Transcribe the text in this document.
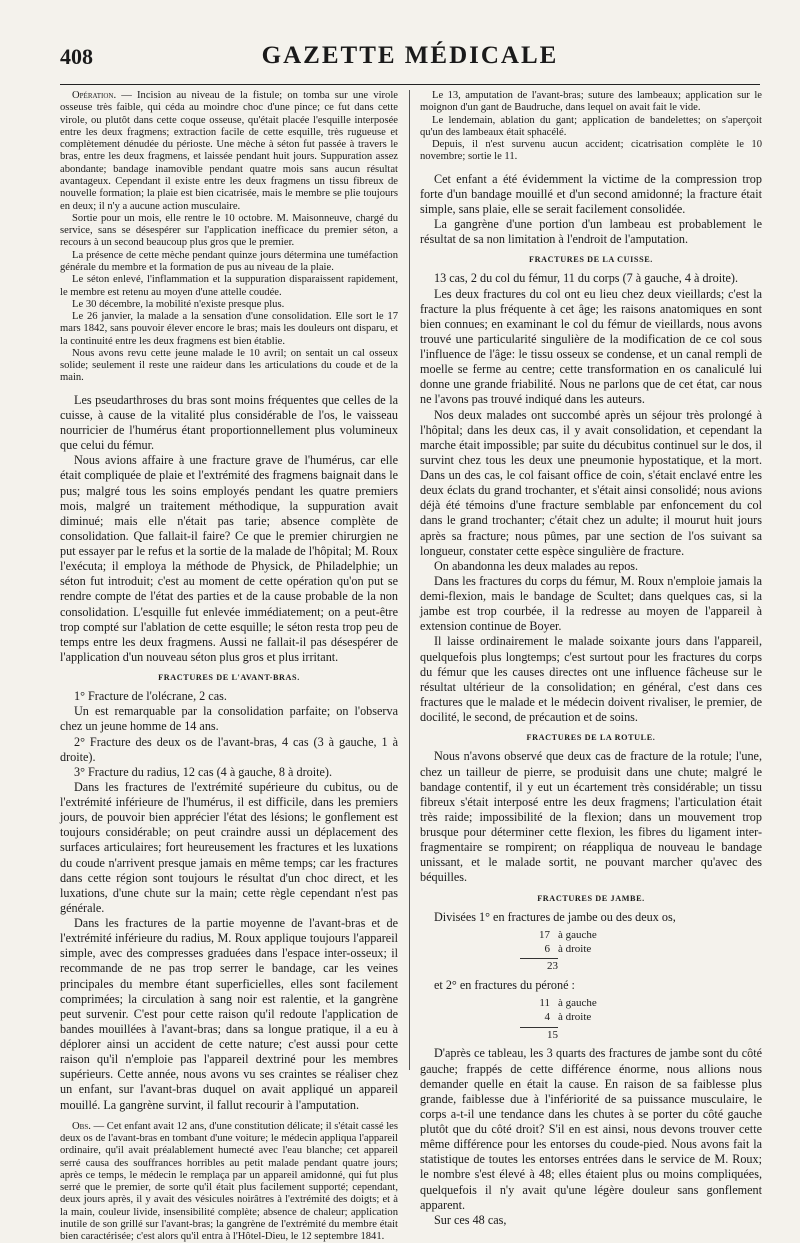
GAZETTE MÉDICALE
408

Opération. — Incision au niveau de la fistule; on tomba sur une virole osseuse très faible, qui céda au moindre choc d'une pince; ce fut dans cette virole, ou plutôt dans cette coque osseuse, qu'était placée l'esquille interposée entre les deux fragmens; extraction facile de cette esquille, très rugueuse et complètement dénudée du périoste. Une mèche à séton fut passée à travers le bras, entre les deux fragmens, et laissée pendant huit jours. Suppuration assez abondante; bandage inamovible pendant quatre mois sans aucun résultat avantageux. Cependant il existe entre les deux fragmens un tissu fibreux de nouvelle formation; la plaie est bien cicatrisée, mais le membre se plie toujours en deux; il n'y a aucune action musculaire.

Sortie pour un mois, elle rentre le 10 octobre. M. Maisonneuve, chargé du service, sans se désespérer sur l'application inefficace du premier séton, a recours à un second beaucoup plus gros que le premier.

La présence de cette mèche pendant quinze jours détermina une tuméfaction générale du membre et la formation de pus au niveau de la plaie.

Le séton enlevé, l'inflammation et la suppuration disparaissent rapidement, le membre est retenu au moyen d'une attelle coudée.

Le 30 décembre, la mobilité n'existe presque plus.

Le 26 janvier, la malade a la sensation d'une consolidation. Elle sort le 17 mars 1842, sans pouvoir élever encore le bras; mais les douleurs ont disparu, et la continuité entre les deux fragmens est bien établie.

Nous avons revu cette jeune malade le 10 avril; on sentait un cal osseux solide; seulement il reste une raideur dans les articulations du coude et de la main.

Les pseudarthroses du bras sont moins fréquentes que celles de la cuisse, à cause de la vitalité plus considérable de l'os, le vaisseau nourricier de l'humérus étant proportionnellement plus volumineux que celui du fémur.

Nous avions affaire à une fracture grave de l'humérus, car elle était compliquée de plaie et l'extrémité des fragmens baignait dans le pus; malgré tous les soins employés pendant les quatre premiers mois, malgré un traitement méthodique, la suppuration avait diminué; mais elle n'était pas tarie; absence complète de consolidation. Que fallait-il faire? Ce que le premier chirurgien ne put essayer par le refus et la sortie de la malade de l'hôpital; M. Roux l'exécuta; il employa la méthode de Physick, de Philadelphie; un séton fut introduit; c'est au moment de cette opération qu'on put se rendre compte de l'état des parties et de la cause probable de la non consolidation. L'esquille fut enlevée immédiatement; on a peut-être trop compté sur l'ablation de cette esquille; le séton resta trop peu de temps entre les deux fragmens. Aussi ne fallait-il pas désespérer de l'application d'un nouveau séton plus gros et plus irritant.

FRACTURES DE L'AVANT-BRAS.

1° Fracture de l'olécrane, 2 cas.

Un est remarquable par la consolidation parfaite; on l'observa chez un jeune homme de 14 ans.

2° Fracture des deux os de l'avant-bras, 4 cas (3 à gauche, 1 à droite).

3° Fracture du radius, 12 cas (4 à gauche, 8 à droite).

Dans les fractures de l'extrémité supérieure du cubitus, ou de l'extrémité inférieure de l'humérus, il est difficile, dans les premiers jours, de pouvoir bien apprécier l'état des lésions; le gonflement est toujours considérable; on peut craindre aussi un déplacement des surfaces articulaires; fort heureusement les fractures et les luxations du coude n'arrivent presque jamais en même temps; car les fractures dans cette région sont toujours le résultat d'un choc direct, et les luxations, d'une chute sur la main; cette règle cependant n'est pas générale.

Dans les fractures de la partie moyenne de l'avant-bras et de l'extrémité inférieure du radius, M. Roux applique toujours l'appareil simple, avec des compresses graduées dans l'espace inter-osseux; il recommande de ne pas trop serrer le bandage, car les veines principales du membre étant superficielles, elles sont facilement comprimées; la circulation à sang noir est ralentie, et la gangrène peut survenir. C'est pour cette raison qu'il redoute l'application de bandes mouillées à l'avant-bras; dans sa longue pratique, il a eu à déplorer ainsi un accident de cette nature; c'est aussi pour cette raison qu'il n'emploie pas l'appareil dextriné pour les membres supérieurs. Cette année, nous avons vu ses craintes se réaliser chez un enfant, sur l'avant-bras duquel on avait appliqué un appareil mouillé. La gangrène survint, il fallut recourir à l'amputation.

Obs. — Cet enfant avait 12 ans, d'une constitution délicate; il s'était cassé les deux os de l'avant-bras en tombant d'une voiture; le médecin appliqua l'appareil ordinaire, qu'il avait préalablement humecté avec l'eau blanche; cet appareil serré causa des souffrances horribles au petit malade pendant quatre jours; après ce temps, le médecin le remplaça par un appareil amidonné, qui fut plus serré que le premier, de sorte qu'il était plus facilement supporté; cependant, deux jours après, il y avait des vésicules noirâtres à l'extrémité des doigts; et à la main, couleur livide, insensibilité complète; absence de chaleur; application inutile de son grillé sur l'avant-bras; la gangrène de l'extrémité du membre était bien caractérisée; c'est alors qu'il entra à l'Hôtel-Dieu, le 12 septembre 1841.

Le 13, amputation de l'avant-bras; suture des lambeaux; application sur le moignon d'un gant de Baudruche, dans lequel on avait fait le vide.

Le lendemain, ablation du gant; application de bandelettes; on s'aperçoit qu'un des lambeaux était sphacélé.

Depuis, il n'est survenu aucun accident; cicatrisation complète le 10 novembre; sortie le 11.

Cet enfant a été évidemment la victime de la compression trop forte d'un bandage mouillé et d'un second amidonné; la fracture était simple, sans plaie, elle se serait facilement consolidée.

La gangrène d'une portion d'un lambeau est probablement le résultat de sa non limitation à l'endroit de l'amputation.

FRACTURES DE LA CUISSE.

13 cas, 2 du col du fémur, 11 du corps (7 à gauche, 4 à droite).

Les deux fractures du col ont eu lieu chez deux vieillards; c'est la fracture la plus fréquente à cet âge; les raisons anatomiques en sont bien connues; en examinant le col du fémur de vieillards, nous avons trouvé une particularité singulière de la modification de ce col sous l'influence de l'âge: le tissu osseux se condense, et un canal rempli de moelle se ferme au centre; cette transformation en os canaliculé lui donne une grande friabilité. Nous ne parlons que de cet état, car nous ne l'avons pas trouvé indiqué dans les auteurs.

Nos deux malades ont succombé après un séjour très prolongé à l'hôpital; dans les deux cas, il y avait consolidation, et cependant la marche était impossible; par suite du décubitus continuel sur le dos, il survint chez tous les deux une pneumonie hypostatique, et la mort. Dans un des cas, le col faisant office de coin, s'était enclavé entre les deux éclats du grand trochanter, et s'était ainsi consolidé; nous avions déjà été témoins d'une fracture semblable par enfoncement du col dans le grand trochanter; c'était chez un adulte; il mourut huit jours après sa fracture; nous pûmes, par une section de l'os suivant sa longueur, constater cette espèce singulière de fracture.

On abandonna les deux malades au repos.

Dans les fractures du corps du fémur, M. Roux n'emploie jamais la demi-flexion, mais le bandage de Scultet; dans quelques cas, si la jambe est trop courbée, il la redresse au moyen de l'appareil à extension continue de Boyer.

Il laisse ordinairement le malade soixante jours dans l'appareil, quelquefois plus longtemps; c'est surtout pour les fractures du corps du fémur que les causes directes ont une influence fâcheuse sur le résultat ultérieur de la consolidation; en général, c'est dans ces fractures que le malade et le médecin doivent rivaliser, le premier, de docilité, le second, de précaution et de soins.

FRACTURES DE LA ROTULE.

Nous n'avons observé que deux cas de fracture de la rotule; l'une, chez un tailleur de pierre, se produisit dans une chute; malgré le bandage contentif, il y eut un écartement très considérable; un tissu fibreux s'était interposé entre les deux fragmens; l'articulation était très raide; impossibilité de la flexion; dans un mouvement trop brusque pour déterminer cette flexion, les fibres du ligament inter-fragmentaire se rompirent; on réappliqua de nouveau le bandage unissant, et le malade sortit, ne pouvant marcher qu'avec des béquilles.

FRACTURES DE JAMBE.

Divisées 1° en fractures de jambe ou des deux os,

17 à gauche
6 à droite
23

et 2° en fractures du péroné :

11 à gauche
4 à droite
15

D'après ce tableau, les 3 quarts des fractures de jambe sont du côté gauche; frappés de cette différence énorme, nous allions nous demander quelle en était la cause. En raison de sa faiblesse plus grande, faiblesse due à l'infériorité de sa puissance musculaire, le corps a-t-il une tendance dans les chutes à se porter du côté gauche plutôt que du côté droit? S'il en est ainsi, nous devons trouver cette même différence pour les entorses du coude-pied. Nous avons fait la statistique de toutes les entorses entrées dans le service de M. Roux; le nombre s'est élevé à 48; elles étaient plus ou moins compliquées, quelquefois il n'y avait qu'une légère douleur sans gonflement apparent.

Sur ces 48 cas,
